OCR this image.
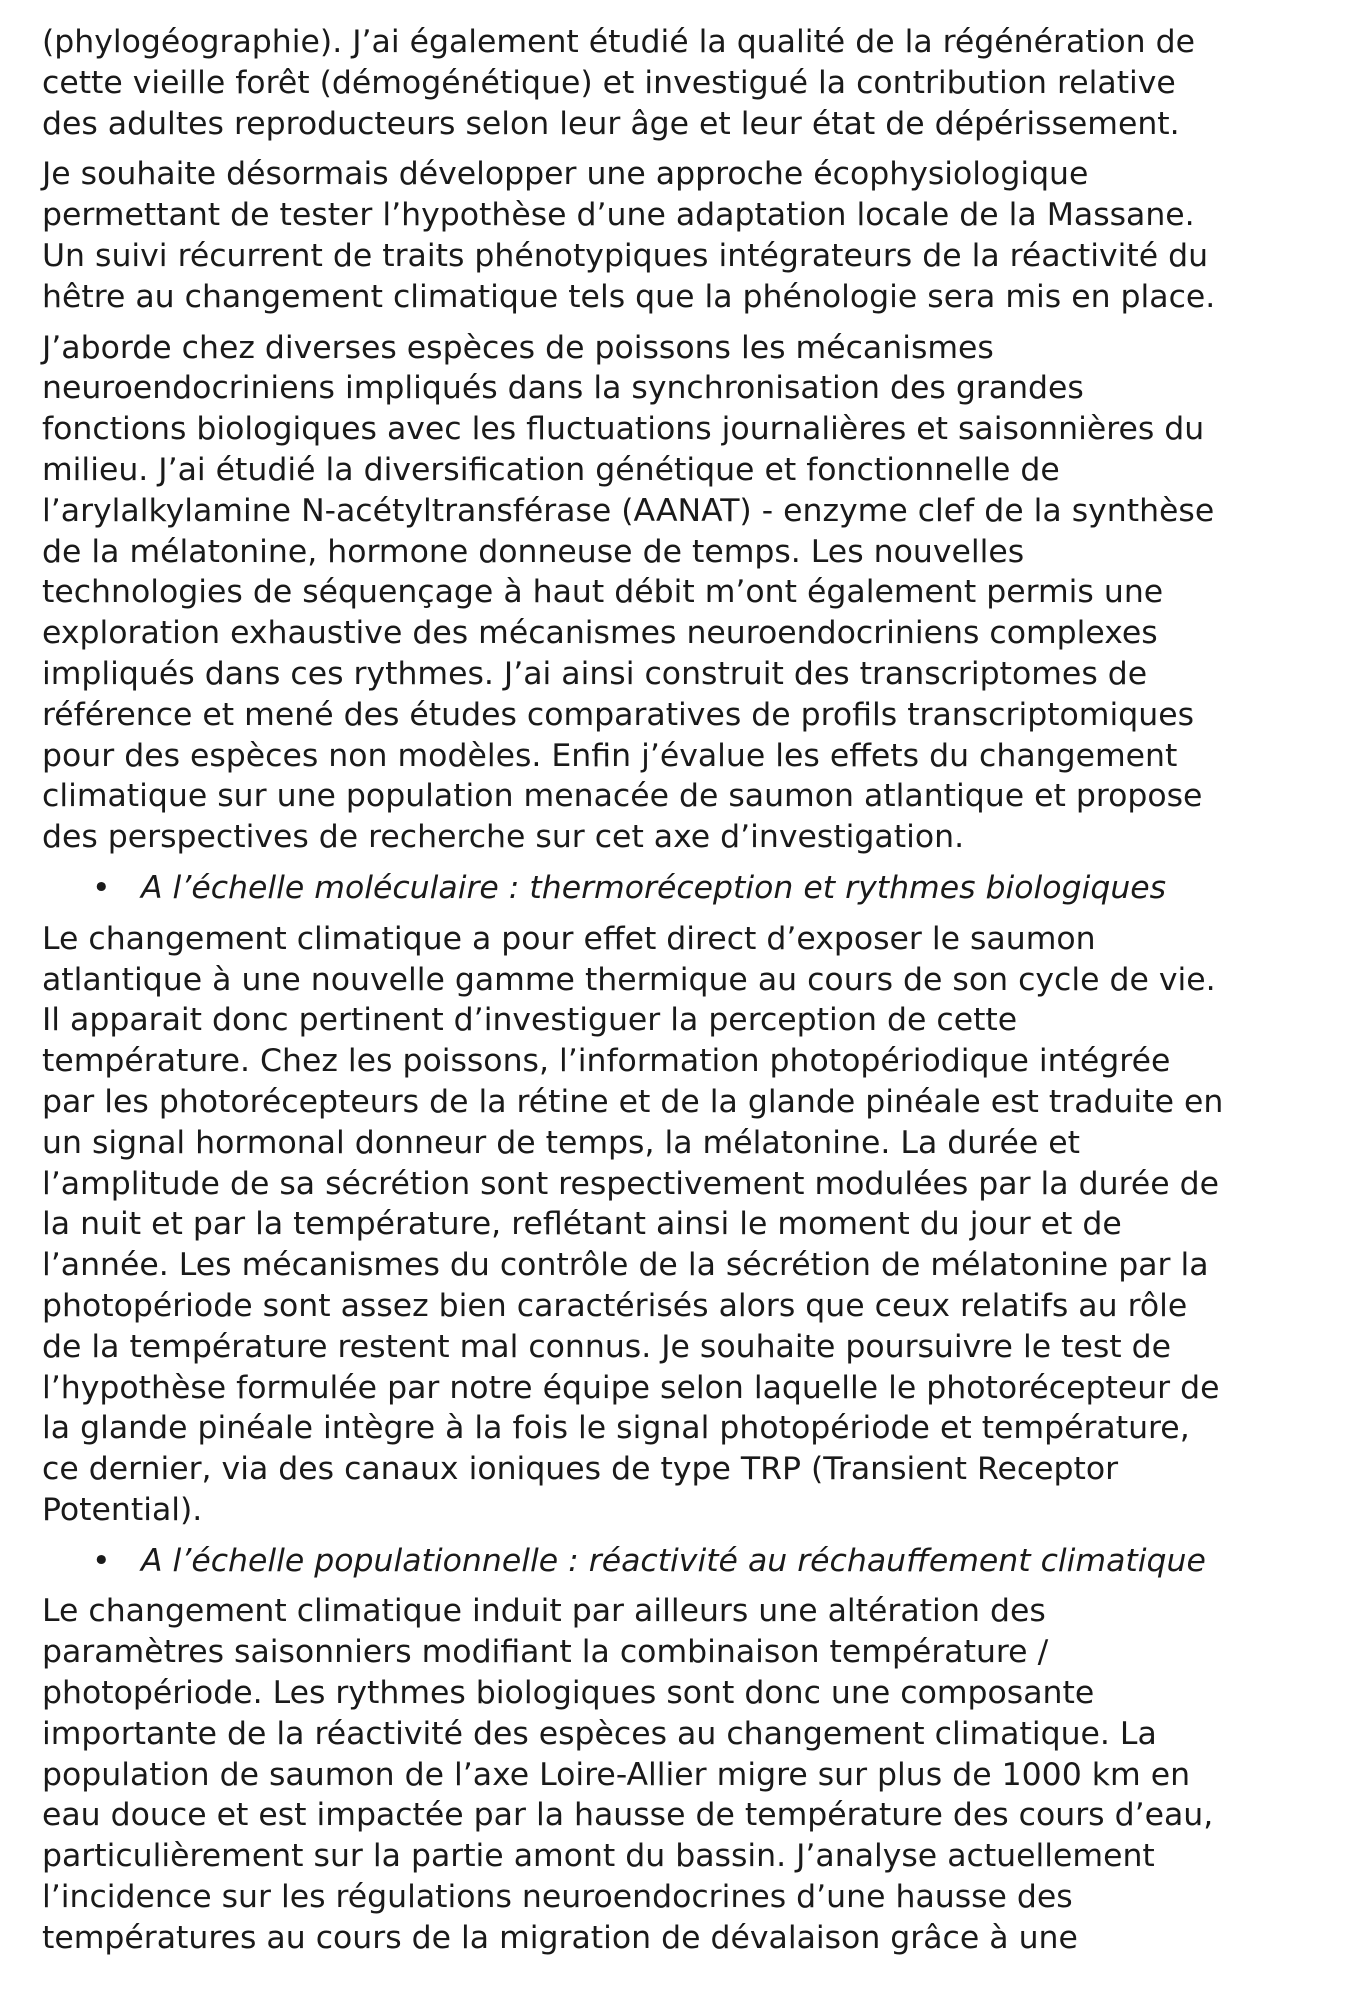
(phylogéographie). J’ai également étudié la qualité de la régénération de
cette vieille forêt (démogénétique) et investigué la contribution relative
des adultes reproducteurs selon leur âge et leur état de dépérissement.

Je souhaite désormais développer une approche écophysiologique
permettant de tester l’hypothèse d’une adaptation locale de la Massane.
Un suivi récurrent de traits phénotypiques intégrateurs de la réactivité du
hêtre au changement climatique tels que la phénologie sera mis en place.

J’aborde chez diverses espèces de poissons les mécanismes
neuroendocriniens impliqués dans la synchronisation des grandes
fonctions biologiques avec les fluctuations journalières et saisonnières du
milieu. J’ai étudié la diversification génétique et fonctionnelle de
l’arylalkylamine N-acétyltransférase (AANAT) - enzyme clef de la synthèse
de la mélatonine, hormone donneuse de temps. Les nouvelles
technologies de séquençage à haut débit m’ont également permis une
exploration exhaustive des mécanismes neuroendocriniens complexes
impliqués dans ces rythmes. J’ai ainsi construit des transcriptomes de
référence et mené des études comparatives de profils transcriptomiques
pour des espèces non modèles. Enfin j’évalue les effets du changement
climatique sur une population menacée de saumon atlantique et propose
des perspectives de recherche sur cet axe d’investigation.

• A l’échelle moléculaire : thermoréception et rythmes biologiques

Le changement climatique a pour effet direct d’exposer le saumon
atlantique à une nouvelle gamme thermique au cours de son cycle de vie.
Il apparait donc pertinent d’investiguer la perception de cette
température. Chez les poissons, l’information photopériodique intégrée
par les photorécepteurs de la rétine et de la glande pinéale est traduite en
un signal hormonal donneur de temps, la mélatonine. La durée et
l’amplitude de sa sécrétion sont respectivement modulées par la durée de
la nuit et par la température, reflétant ainsi le moment du jour et de
l’année. Les mécanismes du contrôle de la sécrétion de mélatonine par la
photopériode sont assez bien caractérisés alors que ceux relatifs au rôle
de la température restent mal connus. Je souhaite poursuivre le test de
l’hypothèse formulée par notre équipe selon laquelle le photorécepteur de
la glande pinéale intègre à la fois le signal photopériode et température,
ce dernier, via des canaux ioniques de type TRP (Transient Receptor
Potential).

• A l’échelle populationnelle : réactivité au réchauffement climatique

Le changement climatique induit par ailleurs une altération des
paramètres saisonniers modifiant la combinaison température /
photopériode. Les rythmes biologiques sont donc une composante
importante de la réactivité des espèces au changement climatique. La
population de saumon de l’axe Loire-Allier migre sur plus de 1000 km en
eau douce et est impactée par la hausse de température des cours d’eau,
particulièrement sur la partie amont du bassin. J’analyse actuellement
l’incidence sur les régulations neuroendocrines d’une hausse des
températures au cours de la migration de dévalaison grâce à une
